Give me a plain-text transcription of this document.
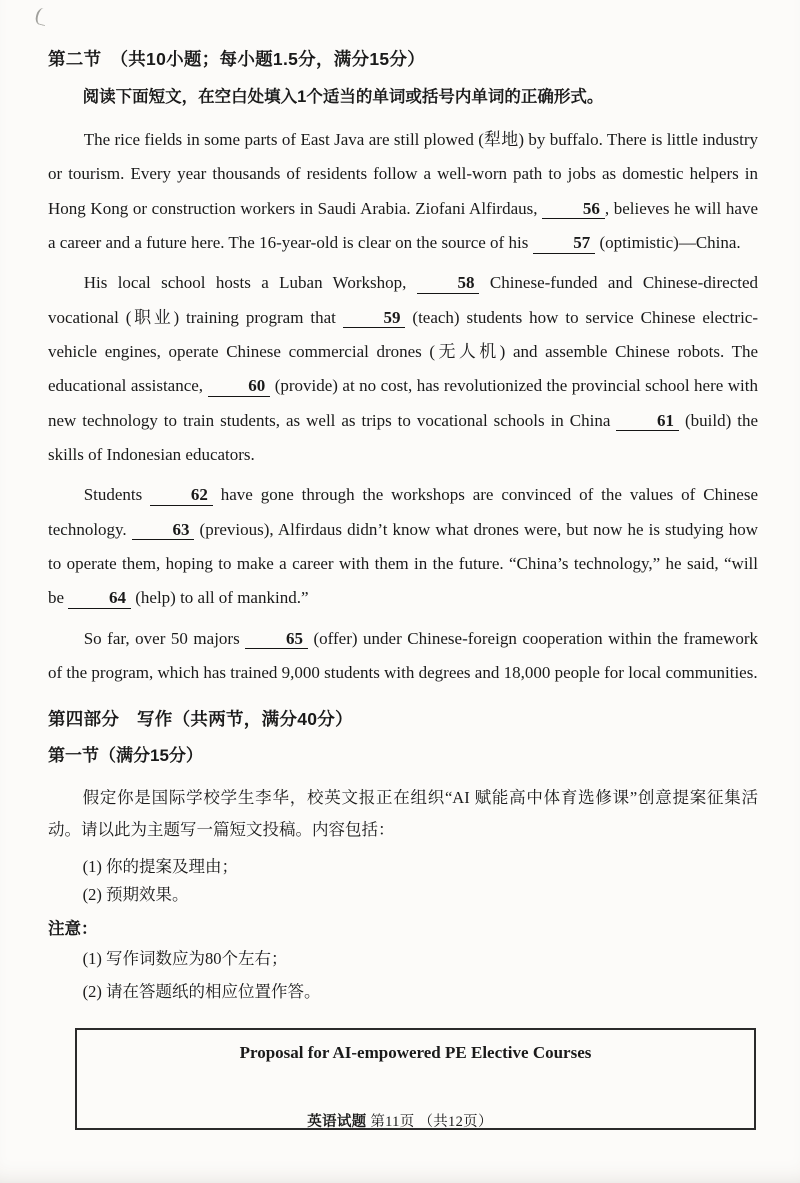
第二节　（共10小题；每小题1.5分，满分15分）
阅读下面短文，在空白处填入1个适当的单词或括号内单词的正确形式。

The rice fields in some parts of East Java are still plowed (犁地) by buffalo. There is little industry or tourism. Every year thousands of residents follow a well-worn path to jobs as domestic helpers in Hong Kong or construction workers in Saudi Arabia. Ziofani Alfirdaus, 56 , believes he will have a career and a future here. The 16-year-old is clear on the source of his 57 (optimistic)—China.

His local school hosts a Luban Workshop, 58 Chinese-funded and Chinese-directed vocational (职业) training program that 59 (teach) students how to service Chinese electric-vehicle engines, operate Chinese commercial drones (无人机) and assemble Chinese robots. The educational assistance, 60 (provide) at no cost, has revolutionized the provincial school here with new technology to train students, as well as trips to vocational schools in China 61 (build) the skills of Indonesian educators.

Students 62 have gone through the workshops are convinced of the values of Chinese technology. 63 (previous), Alfirdaus didn’t know what drones were, but now he is studying how to operate them, hoping to make a career with them in the future. “China’s technology,” he said, “will be 64 (help) to all of mankind.”

So far, over 50 majors 65 (offer) under Chinese-foreign cooperation within the framework of the program, which has trained 9,000 students with degrees and 18,000 people for local communities.

第四部分　写作（共两节，满分40分）
第一节（满分15分）
假定你是国际学校学生李华，校英文报正在组织“AI 赋能高中体育选修课”创意提案征集活动。请以此为主题写一篇短文投稿。内容包括：
(1) 你的提案及理由；
(2) 预期效果。
注意：
(1) 写作词数应为80个左右；
(2) 请在答题纸的相应位置作答。
Proposal for AI-empowered PE Elective Courses
英语试题 第11页 （共12页）
